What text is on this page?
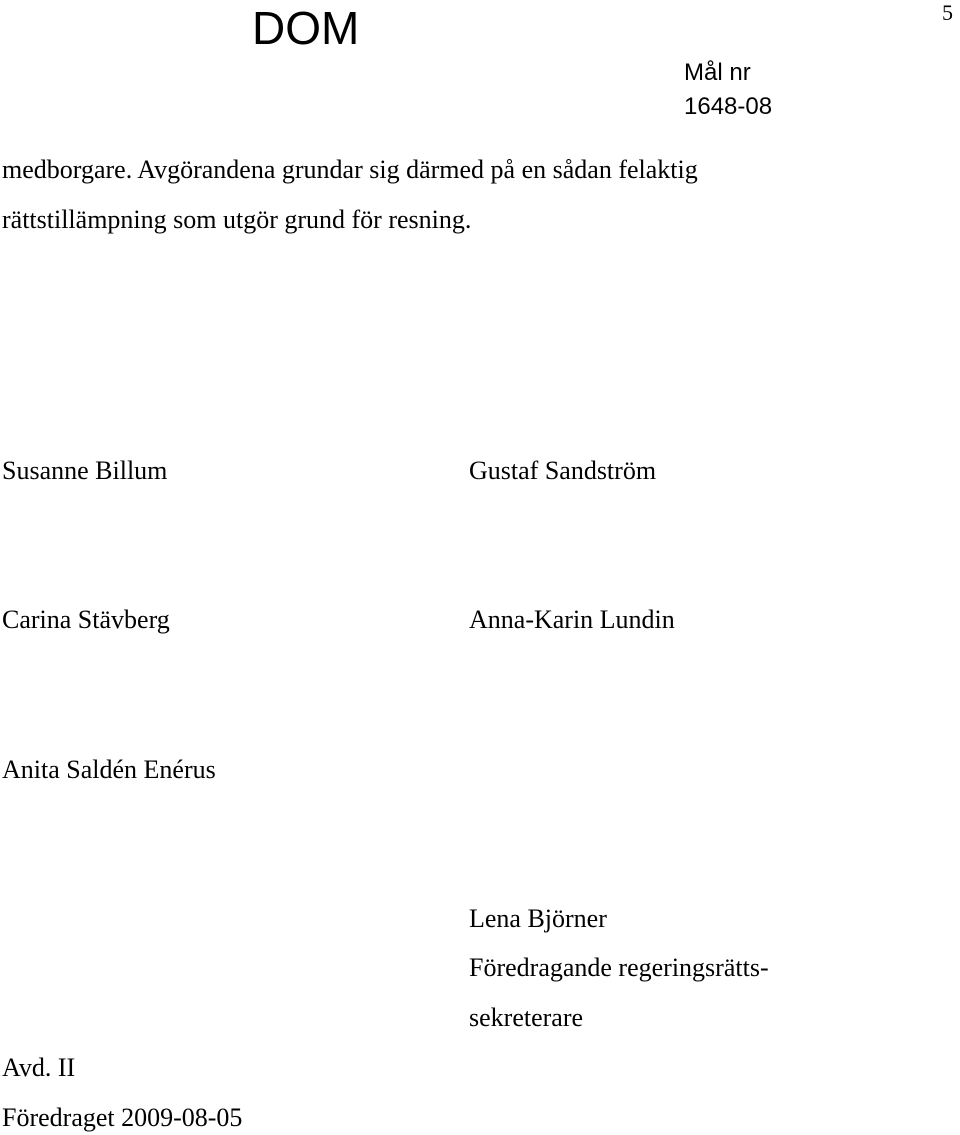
DOM	5
Mål nr
1648-08
medborgare. Avgörandena grundar sig därmed på en sådan felaktig
rättstillämpning som utgör grund för resning.
Susanne Billum	Gustaf Sandström
Carina Stävberg	Anna-Karin Lundin
Anita Saldén Enérus
Lena Björner
Föredragande regeringsrätts-
sekreterare
Avd. II
Föredraget 2009-08-05
